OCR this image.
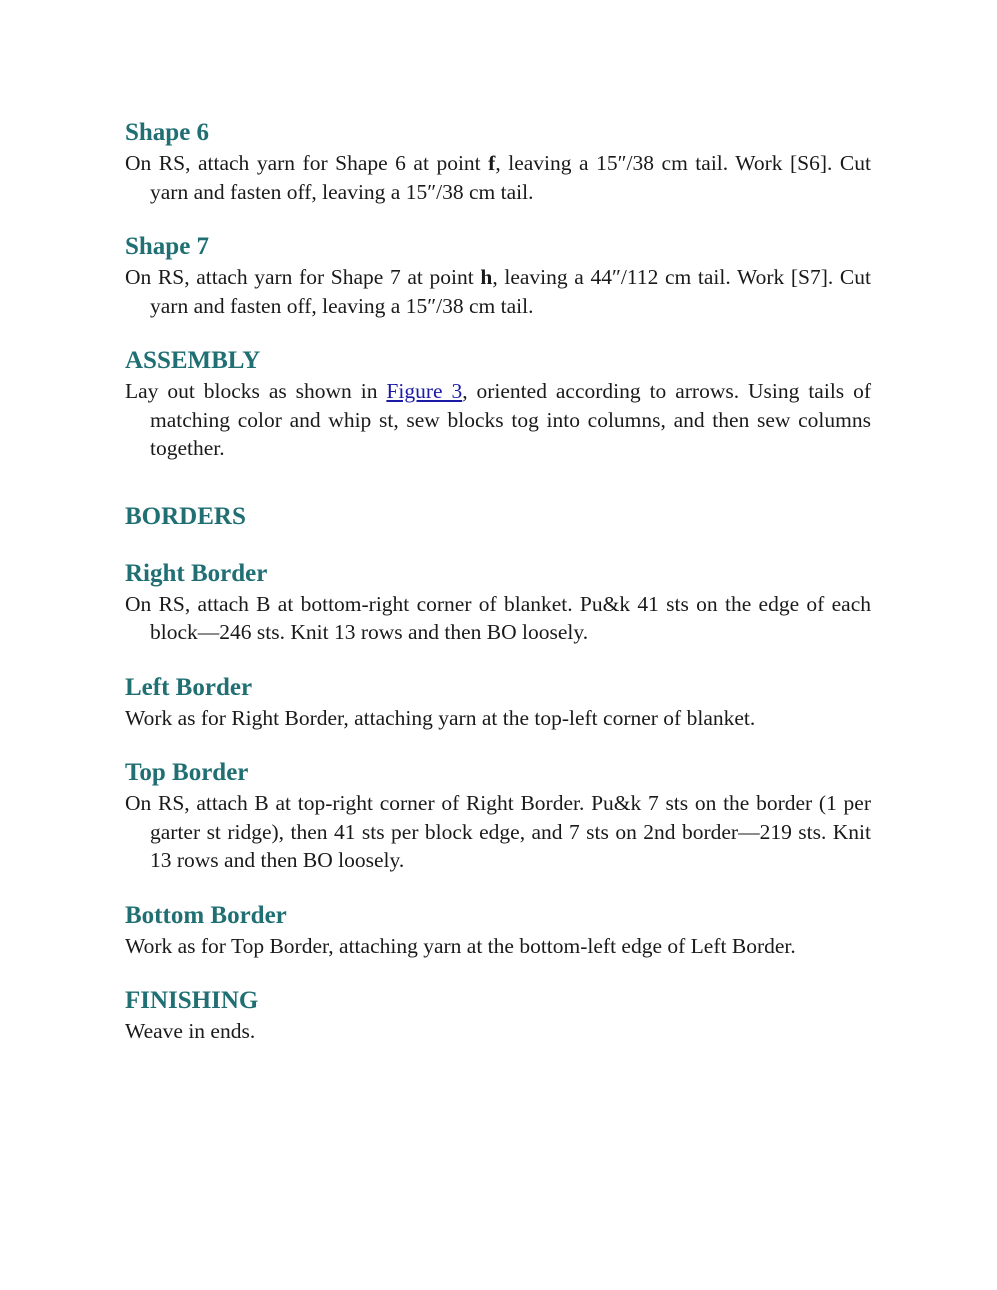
Shape 6

On RS, attach yarn for Shape 6 at point f, leaving a 15″/38 cm tail. Work [S6]. Cut yarn and fasten off, leaving a 15″/38 cm tail.

Shape 7

On RS, attach yarn for Shape 7 at point h, leaving a 44″/112 cm tail. Work [S7]. Cut yarn and fasten off, leaving a 15″/38 cm tail.

ASSEMBLY

Lay out blocks as shown in Figure 3, oriented according to arrows. Using tails of matching color and whip st, sew blocks tog into columns, and then sew columns together.

BORDERS
Right Border

On RS, attach B at bottom-right corner of blanket. Pu&k 41 sts on the edge of each block—246 sts. Knit 13 rows and then BO loosely.

Left Border

Work as for Right Border, attaching yarn at the top-left corner of blanket.

Top Border

On RS, attach B at top-right corner of Right Border. Pu&k 7 sts on the border (1 per garter st ridge), then 41 sts per block edge, and 7 sts on 2nd border—219 sts. Knit 13 rows and then BO loosely.

Bottom Border

Work as for Top Border, attaching yarn at the bottom-left edge of Left Border.

FINISHING

Weave in ends.
